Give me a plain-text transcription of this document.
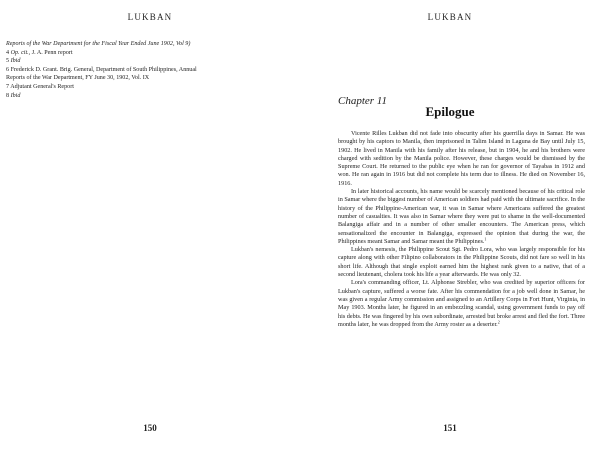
LUKBAN
Reports of the War Department for the Fiscal Year Ended June 1902, Vol 9)
4 Op. cit., J. A. Penn report
5 Ibid
6 Frederick D. Grant. Brig. General, Department of South Philippines, Annual
Reports of the War Department, FY June 30, 1902, Vol. IX
7 Adjutant General's Report
8 Ibid
150
LUKBAN
151
Chapter 11
Epilogue

Vicente Rilles Lukban did not fade into obscurity after his guerrilla days in Samar. He was brought by his captors to Manila, then imprisoned in Talim Island in Laguna de Bay until July 15, 1902. He lived in Manila with his family after his release, but in 1904, he and his brothers were charged with sedition by the Manila police. However, these charges would be dismissed by the Supreme Court. He returned to the public eye when he ran for governor of Tayabas in 1912 and won. He ran again in 1916 but did not complete his term due to illness. He died on November 16, 1916.

In later historical accounts, his name would be scarcely mentioned because of his critical role in Samar where the biggest number of American soldiers had paid with the ultimate sacrifice. In the history of the Philippine-American war, it was in Samar where Americans suffered the greatest number of casualties. It was also in Samar where they were put to shame in the well-documented Balangiga affair and in a number of other smaller encounters. The American press, which sensationalized the encounter in Balangiga, expressed the opinion that during the war, the Philippines meant Samar and Samar meant the Philippines.$^1$

Lukban's nemesis, the Philippine Scout Sgt. Pedro Lora, who was largely responsible for his capture along with other Filipino collaborators in the Philippine Scouts, did not fare so well in his short life. Although that single exploit earned him the highest rank given to a native, that of a second lieutenant, cholera took his life a year afterwards. He was only 32.

Lora's commanding officer, Lt. Alphonse Strebler, who was credited by superior officers for Lukban's capture, suffered a worse fate. After his commendation for a job well done in Samar, he was given a regular Army commission and assigned to an Artillery Corps in Fort Hunt, Virginia, in May 1903. Months later, he figured in an embezzling scandal, using government funds to pay off his debts. He was fingered by his own subordinate, arrested but broke arrest and fled the fort. Three months later, he was dropped from the Army roster as a deserter.$^2$
